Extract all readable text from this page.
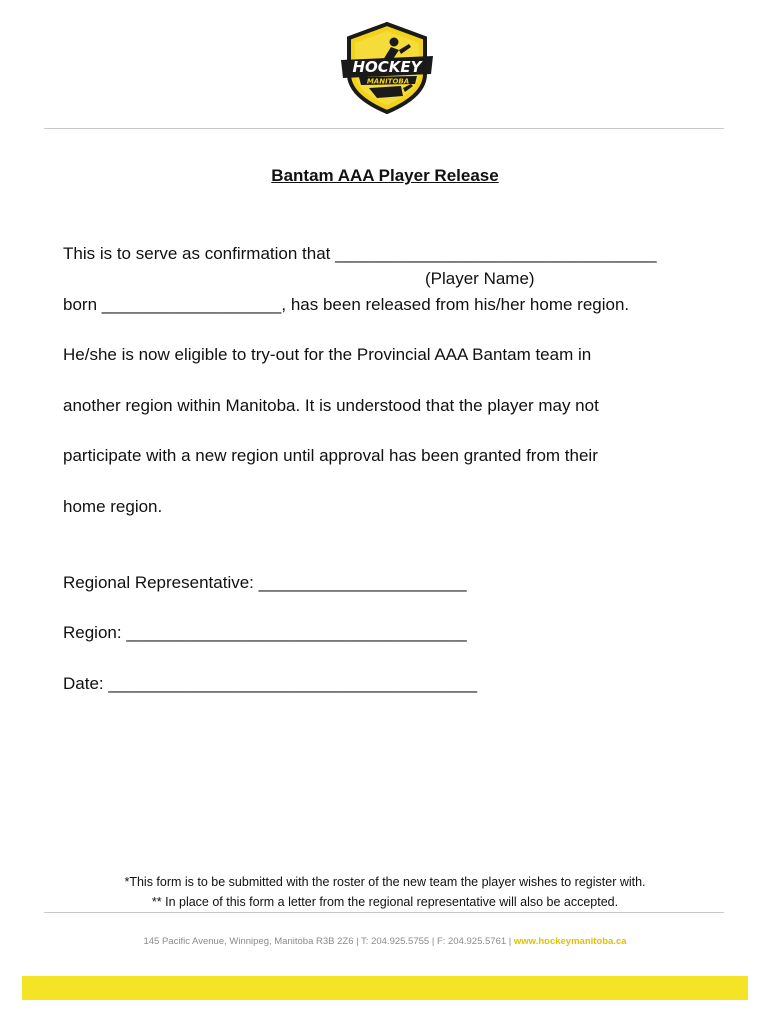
HOCKEY
MANITOBA
Bantam AAA Player Release
This is to serve as confirmation that __________________________________
(Player Name)
born ___________________, has been released from his/her home region.
He/she is now eligible to try-out for the Provincial AAA Bantam team in
another region within Manitoba. It is understood that the player may not
participate with a new region until approval has been granted from their
home region.
Regional Representative: ______________________
Region: ____________________________________
Date: _______________________________________
*This form is to be submitted with the roster of the new team the player wishes to register with.
** In place of this form a letter from the regional representative will also be accepted.
145 Pacific Avenue, Winnipeg, Manitoba R3B 2Z6 | T: 204.925.5755 | F: 204.925.5761 | www.hockeymanitoba.ca
